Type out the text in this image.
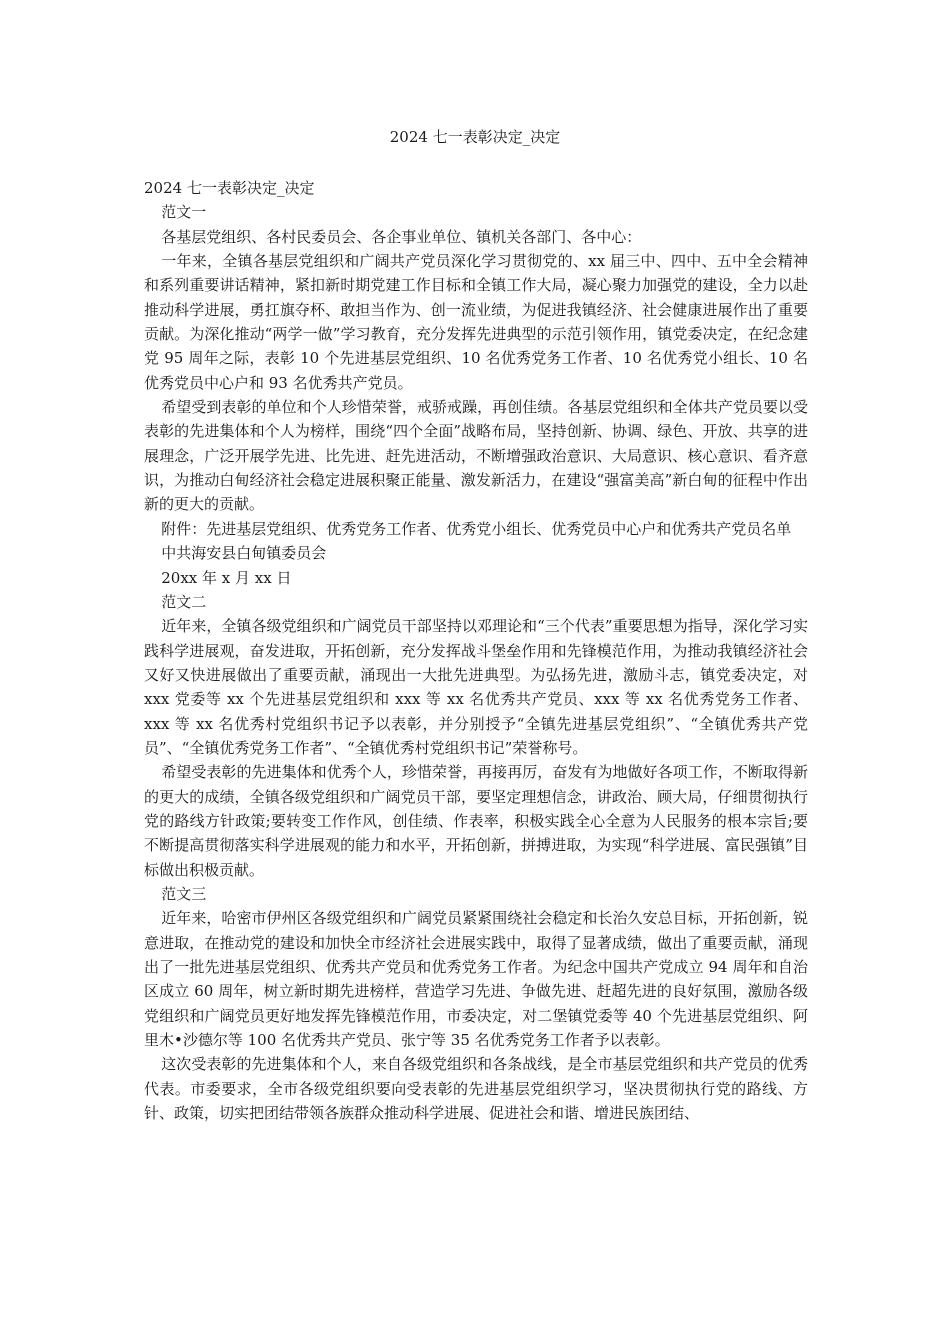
2024 七一表彰决定_决定

2024 七一表彰决定_决定

范文一

各基层党组织、各村民委员会、各企事业单位、镇机关各部门、各中心：

一年来，全镇各基层党组织和广阔共产党员深化学习贯彻党的、xx 届三中、四中、五中全会精神和系列重要讲话精神，紧扣新时期党建工作目标和全镇工作大局，凝心聚力加强党的建设，全力以赴推动科学进展，勇扛旗夺杯、敢担当作为、创一流业绩，为促进我镇经济、社会健康进展作出了重要贡献。为深化推动“两学一做”学习教育，充分发挥先进典型的示范引领作用，镇党委决定，在纪念建党 95 周年之际，表彰 10 个先进基层党组织、10 名优秀党务工作者、10 名优秀党小组长、10 名优秀党员中心户和 93 名优秀共产党员。

希望受到表彰的单位和个人珍惜荣誉，戒骄戒躁，再创佳绩。各基层党组织和全体共产党员要以受表彰的先进集体和个人为榜样，围绕“四个全面”战略布局，坚持创新、协调、绿色、开放、共享的进展理念，广泛开展学先进、比先进、赶先进活动，不断增强政治意识、大局意识、核心意识、看齐意识，为推动白甸经济社会稳定进展积聚正能量、激发新活力，在建设“强富美高”新白甸的征程中作出新的更大的贡献。

附件：先进基层党组织、优秀党务工作者、优秀党小组长、优秀党员中心户和优秀共产党员名单

中共海安县白甸镇委员会

20xx 年 x 月 xx 日

范文二

近年来，全镇各级党组织和广阔党员干部坚持以邓理论和“三个代表”重要思想为指导，深化学习实践科学进展观，奋发进取，开拓创新，充分发挥战斗堡垒作用和先锋模范作用，为推动我镇经济社会又好又快进展做出了重要贡献，涌现出一大批先进典型。为弘扬先进，激励斗志，镇党委决定，对 xxx 党委等 xx 个先进基层党组织和 xxx 等 xx 名优秀共产党员、xxx 等 xx 名优秀党务工作者、xxx 等 xx 名优秀村党组织书记予以表彰，并分别授予“全镇先进基层党组织”、“全镇优秀共产党员”、“全镇优秀党务工作者”、“全镇优秀村党组织书记”荣誉称号。

希望受表彰的先进集体和优秀个人，珍惜荣誉，再接再厉，奋发有为地做好各项工作，不断取得新的更大的成绩，全镇各级党组织和广阔党员干部，要坚定理想信念，讲政治、顾大局，仔细贯彻执行党的路线方针政策;要转变工作作风，创佳绩、作表率，积极实践全心全意为人民服务的根本宗旨;要不断提高贯彻落实科学进展观的能力和水平，开拓创新，拼搏进取，为实现“科学进展、富民强镇”目标做出积极贡献。

范文三

近年来，哈密市伊州区各级党组织和广阔党员紧紧围绕社会稳定和长治久安总目标，开拓创新，锐意进取，在推动党的建设和加快全市经济社会进展实践中，取得了显著成绩，做出了重要贡献，涌现出了一批先进基层党组织、优秀共产党员和优秀党务工作者。为纪念中国共产党成立 94 周年和自治区成立 60 周年，树立新时期先进榜样，营造学习先进、争做先进、赶超先进的良好氛围，激励各级党组织和广阔党员更好地发挥先锋模范作用，市委决定，对二堡镇党委等 40 个先进基层党组织、阿里木•沙德尔等 100 名优秀共产党员、张宁等 35 名优秀党务工作者予以表彰。

这次受表彰的先进集体和个人，来自各级党组织和各条战线，是全市基层党组织和共产党员的优秀代表。市委要求，全市各级党组织要向受表彰的先进基层党组织学习，坚决贯彻执行党的路线、方针、政策，切实把团结带领各族群众推动科学进展、促进社会和谐、增进民族团结、
